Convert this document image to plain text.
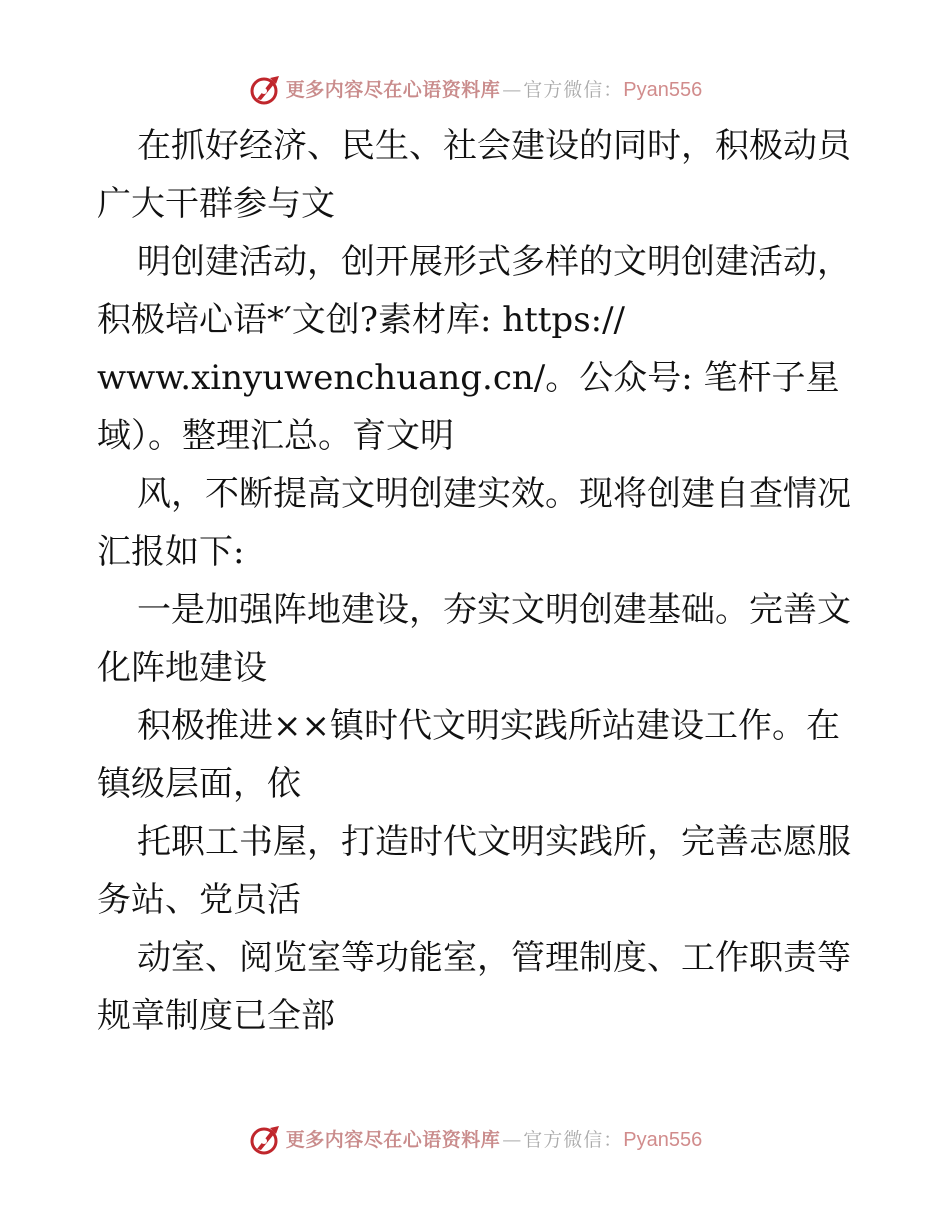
更多内容尽在心语资料库 — 官方微信： Pyan556
在抓好经济、民生、社会建设的同时，积极动员
广大干群参与文
明创建活动，创开展形式多样的文明创建活动，
积极培心语*′文创?素材库: https://
www.xinyuwenchuang.cn/。公众号: 笔杆子星
域）。整理汇总。育文明
风，不断提高文明创建实效。现将创建自查情况
汇报如下:
一是加强阵地建设，夯实文明创建基础。完善文
化阵地建设
积极推进××镇时代文明实践所站建设工作。在
镇级层面，依
托职工书屋，打造时代文明实践所，完善志愿服
务站、党员活
动室、阅览室等功能室，管理制度、工作职责等
规章制度已全部
更多内容尽在心语资料库 — 官方微信： Pyan556
